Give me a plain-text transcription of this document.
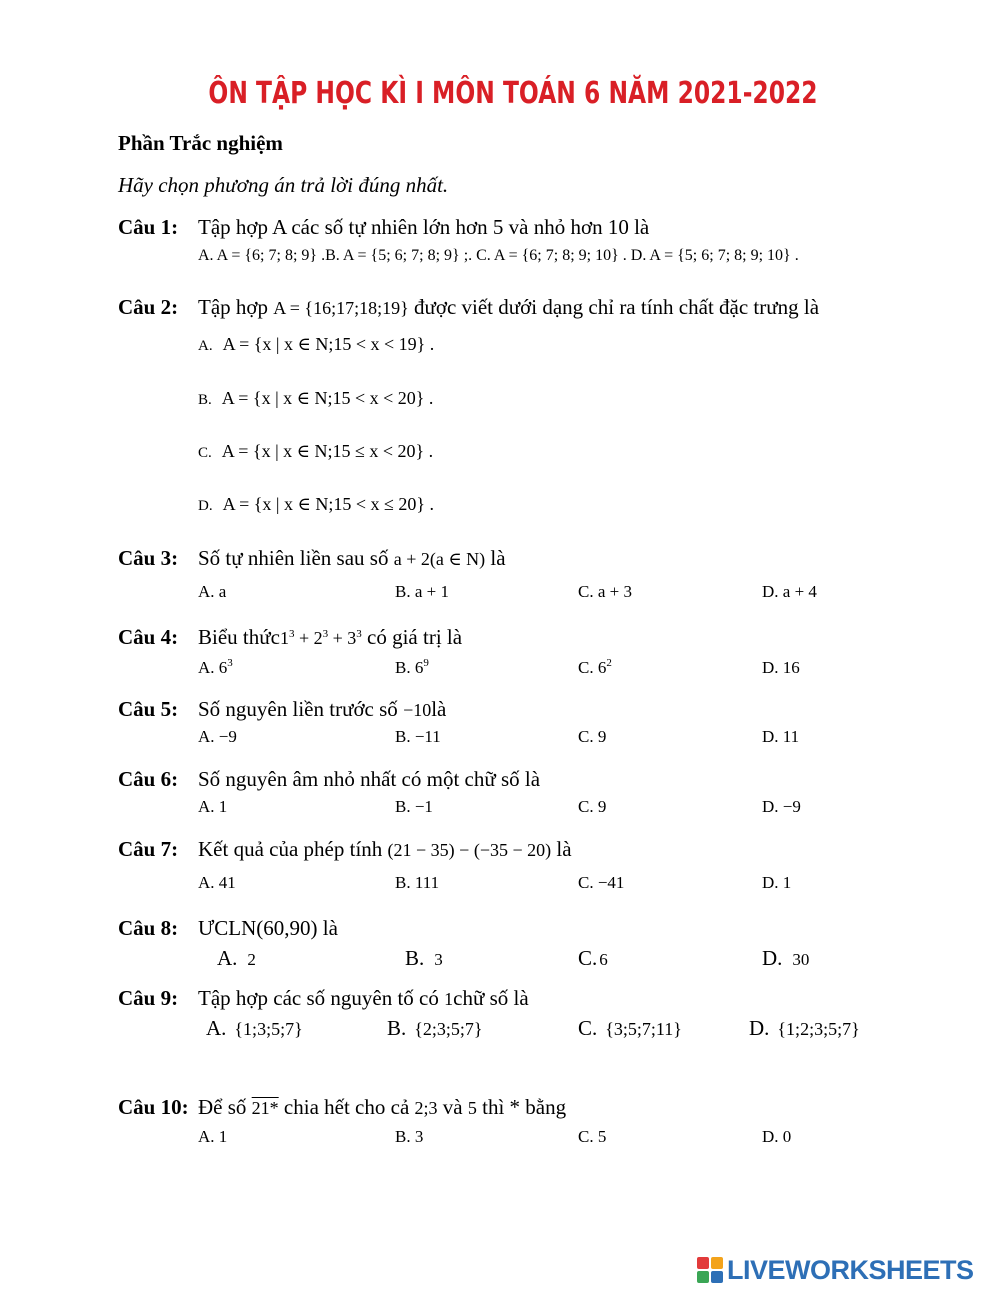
ÔN TẬP HỌC KÌ I MÔN TOÁN 6 NĂM 2021-2022
Phần Trắc nghiệm
Hãy chọn phương án trả lời đúng nhất.
Câu 1: Tập hợp A các số tự nhiên lớn hơn 5 và nhỏ hơn 10 là
A. A = {6; 7; 8; 9} .B. A = {5; 6; 7; 8; 9} ;. C. A = {6; 7; 8; 9; 10} . D. A = {5; 6; 7; 8; 9; 10} .
Câu 2: Tập hợp A = {16;17;18;19} được viết dưới dạng chỉ ra tính chất đặc trưng là
A. A = {x | x ∈ N;15 < x < 19} .
B. A = {x | x ∈ N;15 < x < 20} .
C. A = {x | x ∈ N;15 ≤ x < 20} .
D. A = {x | x ∈ N;15 < x ≤ 20} .
Câu 3: Số tự nhiên liền sau số a + 2(a ∈ N) là
A. a	B. a + 1	C. a + 3	D. a + 4
Câu 4: Biểu $thức1^3 + 2^3 + 3^3$ có giá trị là
A. $6^3$	B. $6^9$	C. $6^2$	D. 16
Câu 5: Số nguyên liền trước số −10là
A. −9	B. −11	C. 9	D. 11
Câu 6: Số nguyên âm nhỏ nhất có một chữ số là
A. 1	B. −1	C. 9	D. −9
Câu 7: Kết quả của phép tính (21 − 35) − (−35 − 20) là
A. 41	B. 111	C. −41	D. 1
Câu 8: ƯCLN(60,90) là
A. 2	B. 3	C. 6	D. 30
Câu 9: Tập hợp các số nguyên tố có 1chữ số là
A. {1;3;5;7}	B. {2;3;5;7}	C. {3;5;7;11}	D. {1;2;3;5;7}
Câu 10: Để số 21* chia hết cho cả 2;3 và 5 thì * bằng
A. 1	B. 3	C. 5	D. 0
LIVEWORKSHEETS
